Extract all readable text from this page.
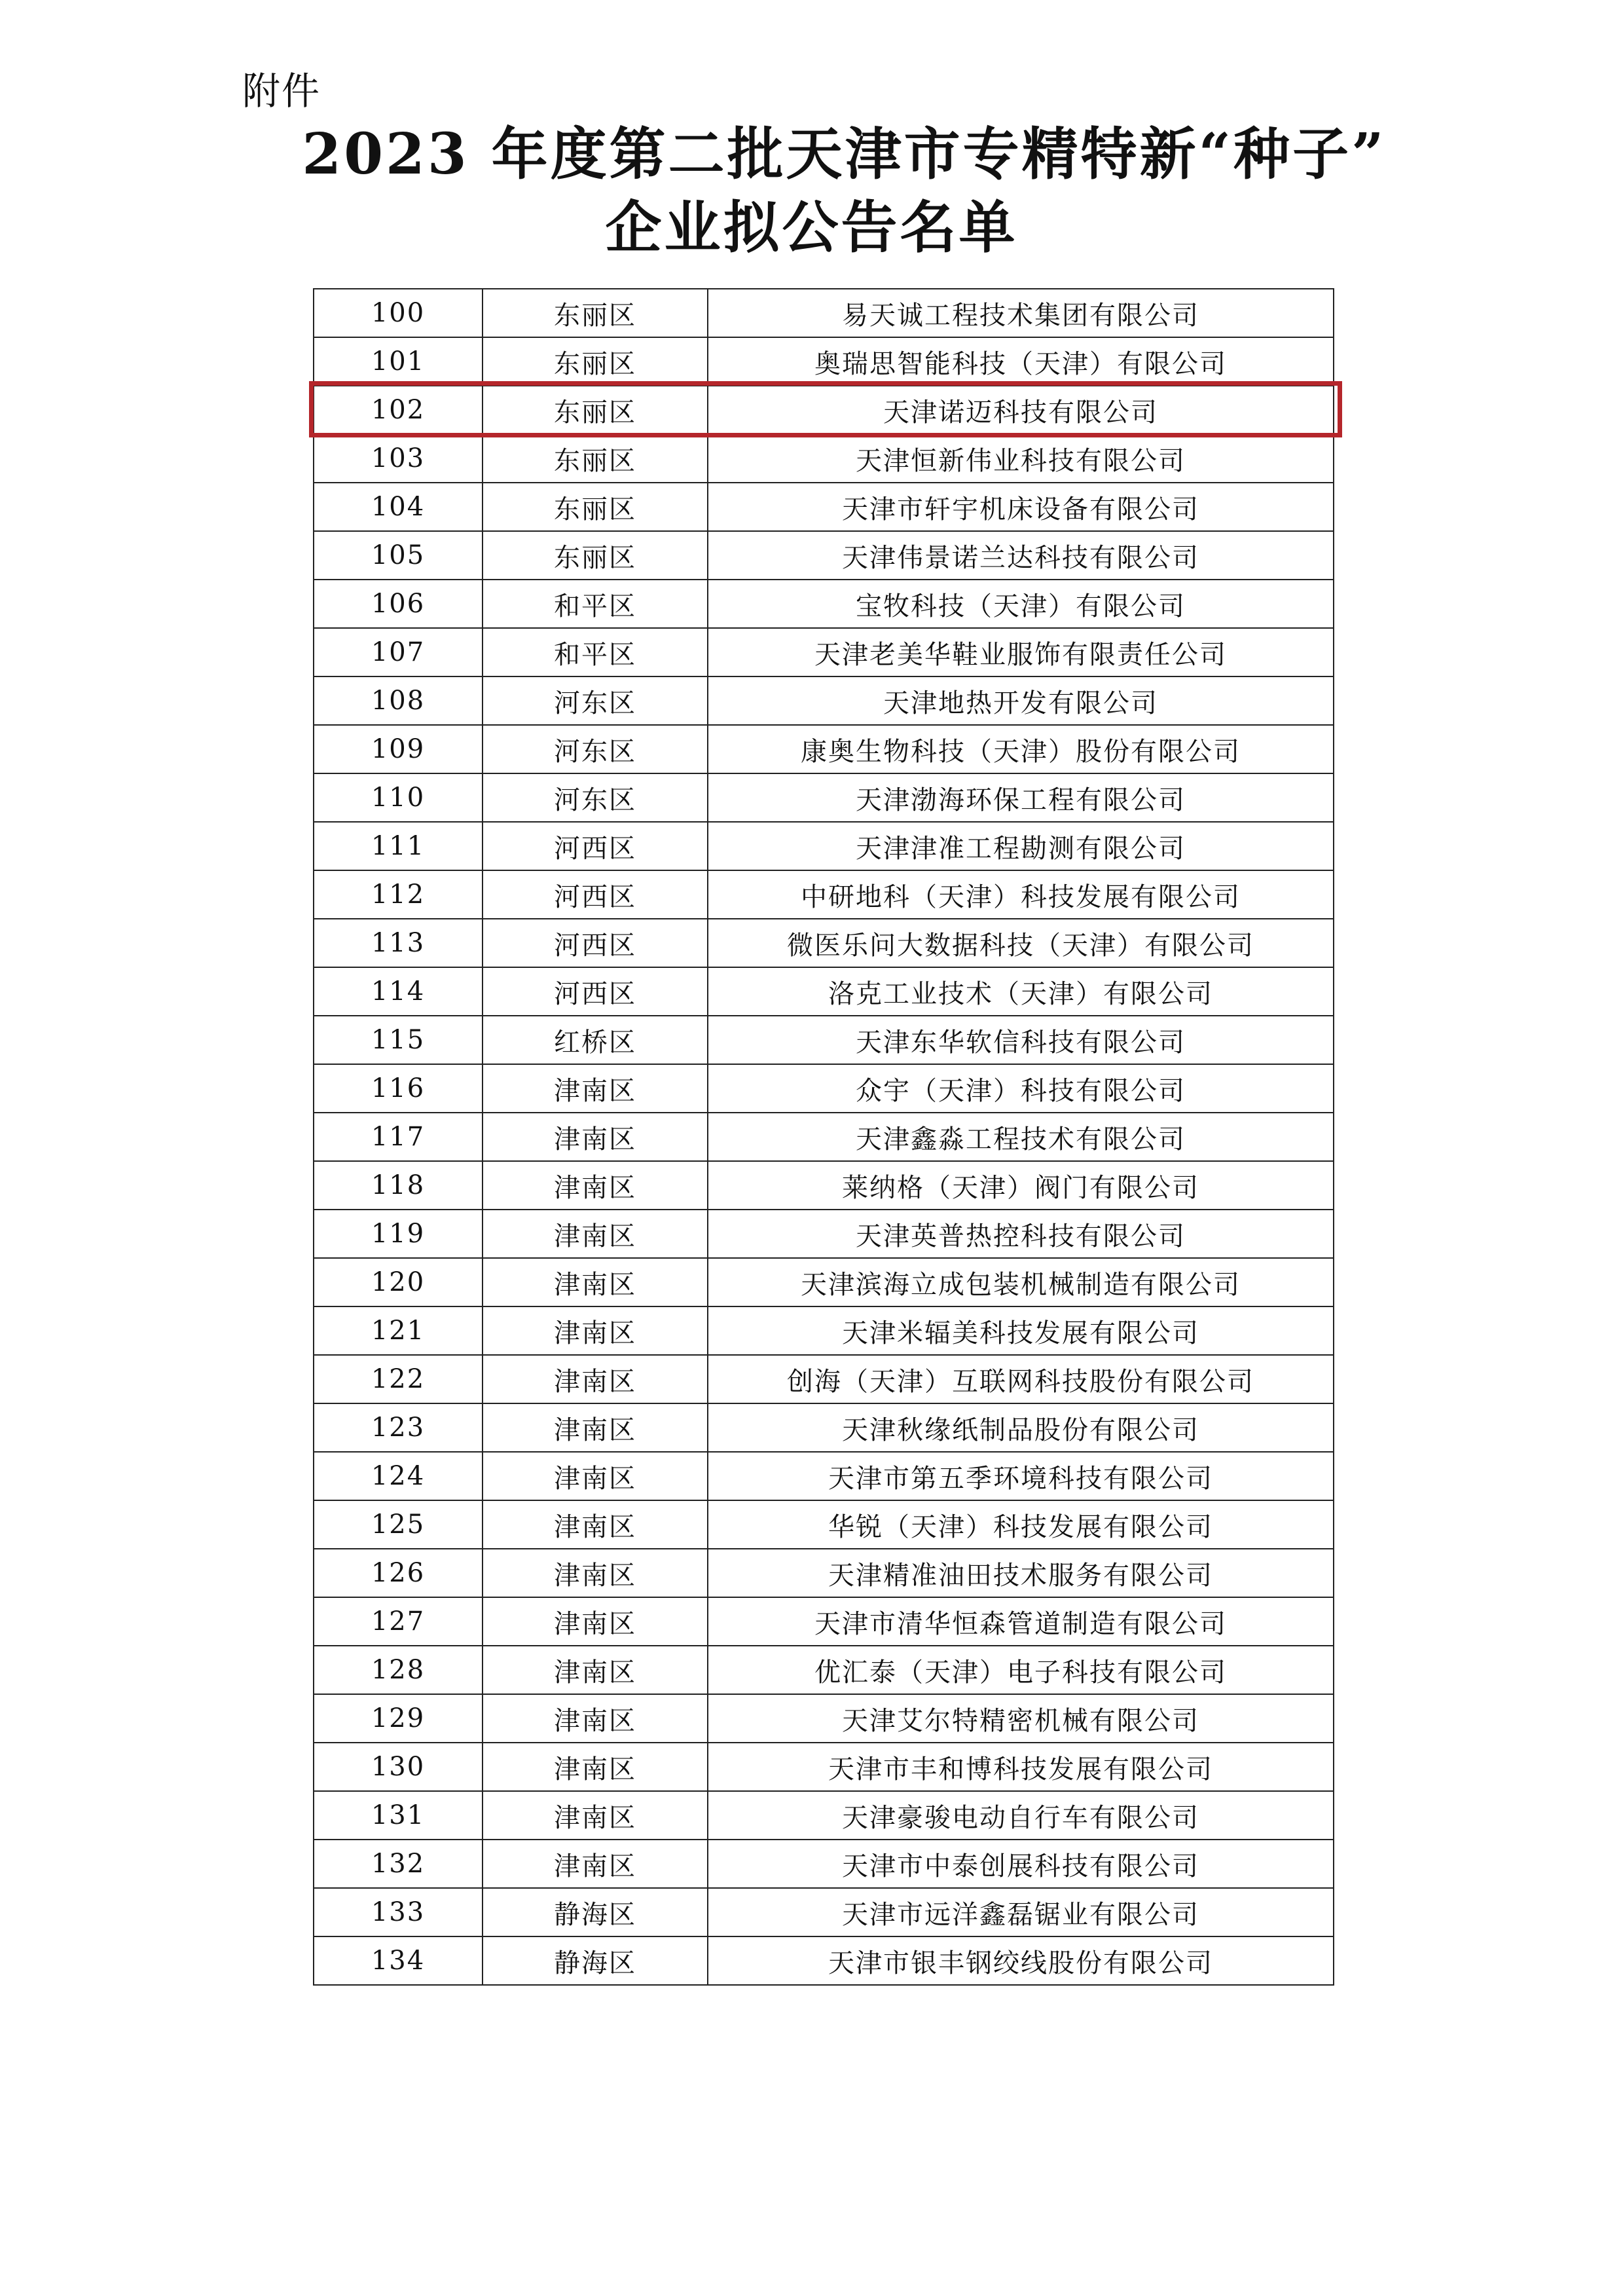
附件
2023 年度第二批天津市专精特新“种子”
企业拟公告名单
100	东丽区	易天诚工程技术集团有限公司
101	东丽区	奥瑞思智能科技（天津）有限公司
102	东丽区	天津诺迈科技有限公司
103	东丽区	天津恒新伟业科技有限公司
104	东丽区	天津市轩宇机床设备有限公司
105	东丽区	天津伟景诺兰达科技有限公司
106	和平区	宝牧科技（天津）有限公司
107	和平区	天津老美华鞋业服饰有限责任公司
108	河东区	天津地热开发有限公司
109	河东区	康奥生物科技（天津）股份有限公司
110	河东区	天津渤海环保工程有限公司
111	河西区	天津津准工程勘测有限公司
112	河西区	中研地科（天津）科技发展有限公司
113	河西区	微医乐问大数据科技（天津）有限公司
114	河西区	洛克工业技术（天津）有限公司
115	红桥区	天津东华软信科技有限公司
116	津南区	众宇（天津）科技有限公司
117	津南区	天津鑫淼工程技术有限公司
118	津南区	莱纳格（天津）阀门有限公司
119	津南区	天津英普热控科技有限公司
120	津南区	天津滨海立成包装机械制造有限公司
121	津南区	天津米辐美科技发展有限公司
122	津南区	创海（天津）互联网科技股份有限公司
123	津南区	天津秋缘纸制品股份有限公司
124	津南区	天津市第五季环境科技有限公司
125	津南区	华锐（天津）科技发展有限公司
126	津南区	天津精准油田技术服务有限公司
127	津南区	天津市清华恒森管道制造有限公司
128	津南区	优汇泰（天津）电子科技有限公司
129	津南区	天津艾尔特精密机械有限公司
130	津南区	天津市丰和博科技发展有限公司
131	津南区	天津豪骏电动自行车有限公司
132	津南区	天津市中泰创展科技有限公司
133	静海区	天津市远洋鑫磊锯业有限公司
134	静海区	天津市银丰钢绞线股份有限公司
